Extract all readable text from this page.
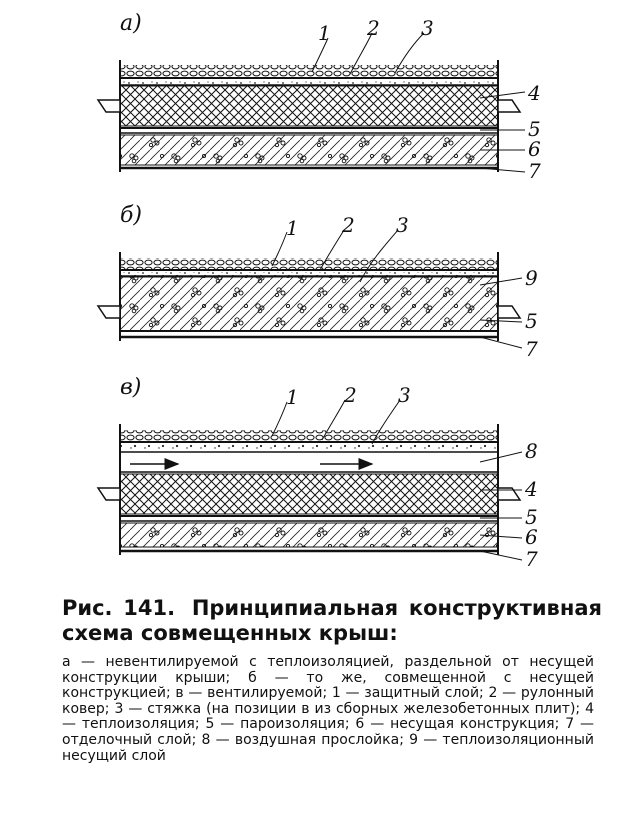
а)	1 2 3
4
5
6
7
б)	1 2 3
9
5
7
в)	1 2 3
8
4
5
6
7
Рис. 141. Принципиальная конструктивная схема совмещенных крыш:
а — невентилируемой с теплоизоляцией, раздельной от несущей конструкции крыши; б — то же, совмещенной с несущей конструкцией; в — вентилируемой; 1 — защитный слой; 2 — рулонный ковер; 3 — стяжка (на позиции в из сборных железобетонных плит); 4 — теплоизоляция; 5 — пароизоляция; 6 — несущая конструкция; 7 — отделочный слой; 8 — воздушная прослойка; 9 — теплоизоляционный несущий слой
